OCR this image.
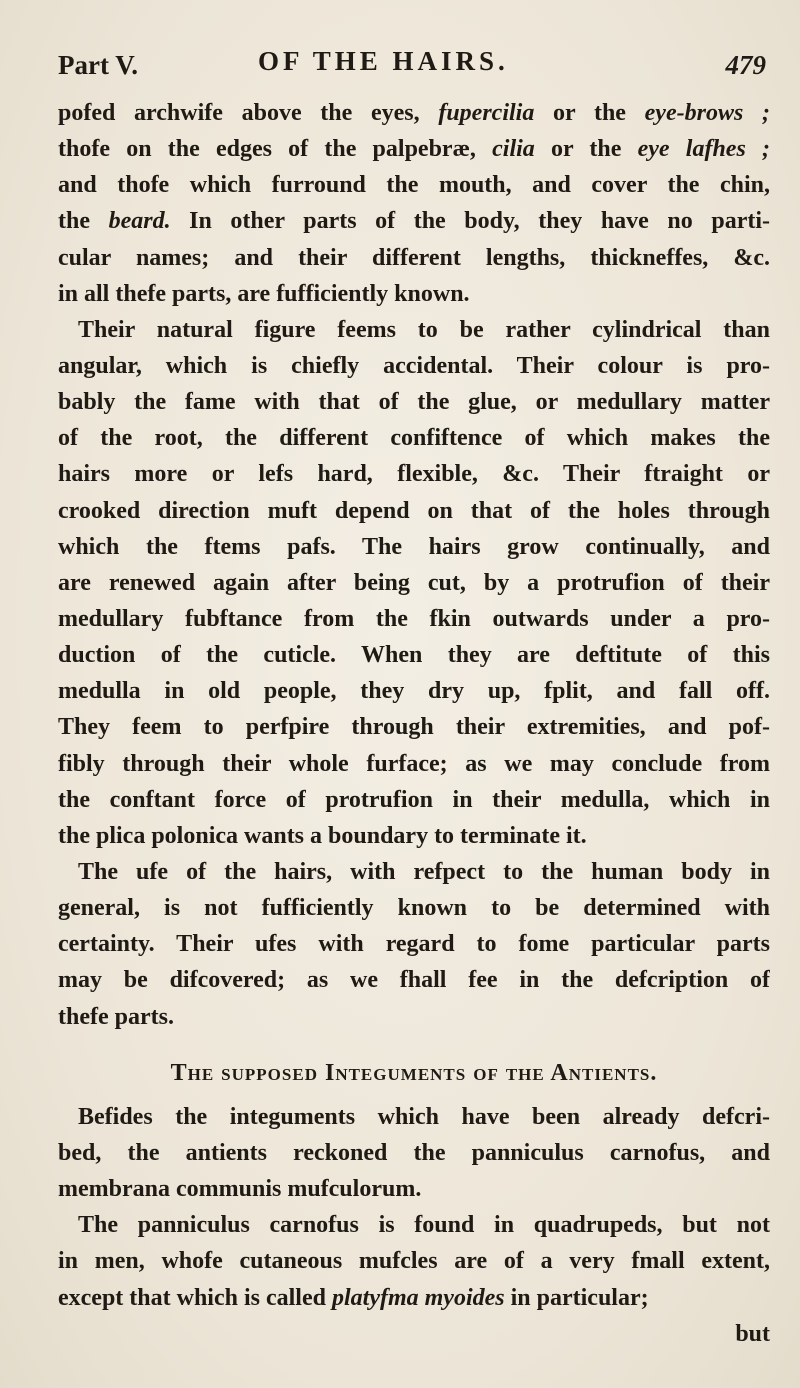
Part V.	OF THE HAIRS.	479
pofed archwife above the eyes, fupercilia or the eye-brows ;
thofe on the edges of the palpebræ, cilia or the eye lafhes ;
and thofe which furround the mouth, and cover the chin,
the beard. In other parts of the body, they have no parti-
cular names; and their different lengths, thickneffes, &c.
in all thefe parts, are fufficiently known.
Their natural figure feems to be rather cylindrical than
angular, which is chiefly accidental. Their colour is pro-
bably the fame with that of the glue, or medullary matter
of the root, the different confiftence of which makes the
hairs more or lefs hard, flexible, &c. Their ftraight or
crooked direction muft depend on that of the holes through
which the ftems pafs. The hairs grow continually, and
are renewed again after being cut, by a protrufion of their
medullary fubftance from the fkin outwards under a pro-
duction of the cuticle. When they are deftitute of this
medulla in old people, they dry up, fplit, and fall off.
They feem to perfpire through their extremities, and pof-
fibly through their whole furface; as we may conclude from
the conftant force of protrufion in their medulla, which in
the plica polonica wants a boundary to terminate it.
The ufe of the hairs, with refpect to the human body in
general, is not fufficiently known to be determined with
certainty. Their ufes with regard to fome particular parts
may be difcovered; as we fhall fee in the defcription of
thefe parts.
The supposed Integuments of the Antients.
Befides the integuments which have been already defcri-
bed, the antients reckoned the panniculus carnofus, and
membrana communis mufculorum.
The panniculus carnofus is found in quadrupeds, but not
in men, whofe cutaneous mufcles are of a very fmall extent,
except that which is called platyfma myoides in particular;
but
